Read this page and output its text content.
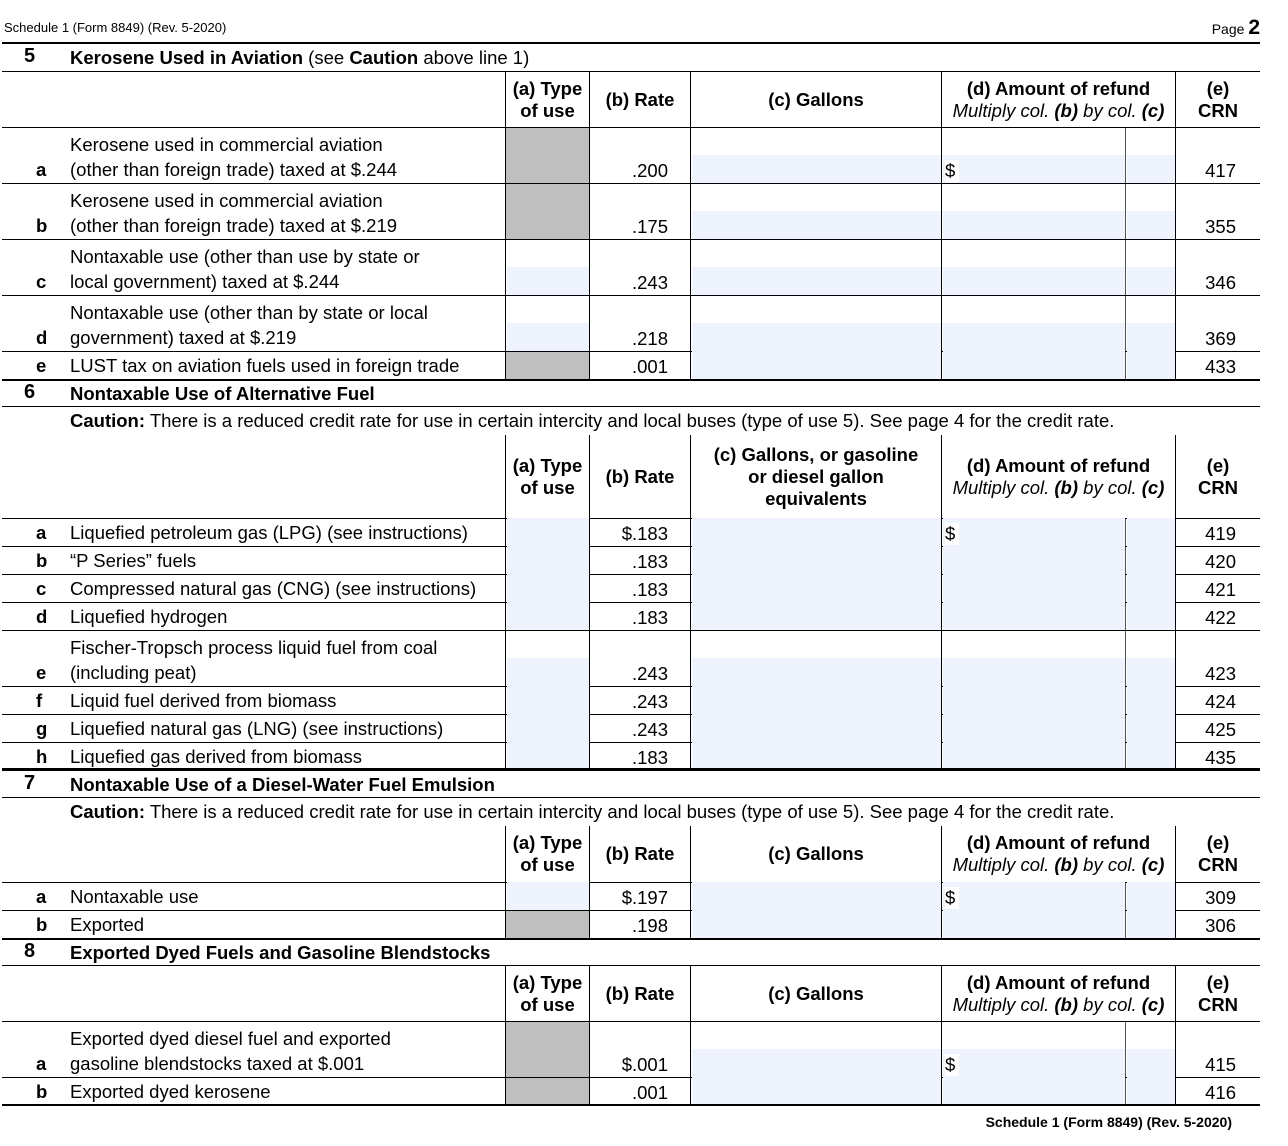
Schedule 1 (Form 8849) (Rev. 5-2020)	Page 2
5 Kerosene Used in Aviation (see Caution above line 1)
(a) Type
of use
(b) Rate	(c) Gallons
(d) Amount of refund
Multiply col. (b) by col. (c)
(e)
CRN
a
Kerosene used in commercial aviation
(other than foreign trade) taxed at $.244	.200	$	417
b
Kerosene used in commercial aviation
(other than foreign trade) taxed at $.219	.175	355
c
Nontaxable use (other than use by state or
local government) taxed at $.244	.243	346
d
Nontaxable use (other than by state or local
government) taxed at $.219	.218	369
e LUST tax on aviation fuels used in foreign trade	.001	433
6 Nontaxable Use of Alternative Fuel
Caution: There is a reduced credit rate for use in certain intercity and local buses (type of use 5). See page 4 for the credit rate.
(a) Type
of use
(b) Rate
(c) Gallons, or gasoline
or diesel gallon
equivalents
(d) Amount of refund
Multiply col. (b) by col. (c)
(e)
CRN
a Liquefied petroleum gas (LPG) (see instructions)	$.183	$	419
b “P Series” fuels	.183	420
c Compressed natural gas (CNG) (see instructions)	.183	421
d Liquefied hydrogen	.183	422
e
Fischer-Tropsch process liquid fuel from coal
(including peat)	.243	423
f Liquid fuel derived from biomass	.243	424
g Liquefied natural gas (LNG) (see instructions)	.243	425
h Liquefied gas derived from biomass	.183	435
7 Nontaxable Use of a Diesel-Water Fuel Emulsion
Caution: There is a reduced credit rate for use in certain intercity and local buses (type of use 5). See page 4 for the credit rate.
(a) Type
of use
(b) Rate	(c) Gallons
(d) Amount of refund
Multiply col. (b) by col. (c)
(e)
CRN
a Nontaxable use	$.197	$	309
b Exported	.198	306
8 Exported Dyed Fuels and Gasoline Blendstocks
(a) Type
of use
(b) Rate	(c) Gallons
(d) Amount of refund
Multiply col. (b) by col. (c)
(e)
CRN
a
Exported dyed diesel fuel and exported
gasoline blendstocks taxed at $.001	$.001	$	415
b Exported dyed kerosene	.001	416
Schedule 1 (Form 8849) (Rev. 5-2020)
